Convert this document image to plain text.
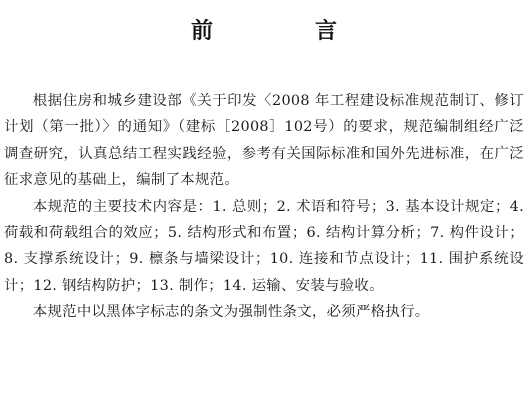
前　言

根据住房和城乡建设部《关于印发〈2008 年工程建设标准规范制订、修订计划（第一批）〉的通知》（建标［2008］102号）的要求，规范编制组经广泛调查研究，认真总结工程实践经验，参考有关国际标准和国外先进标准，在广泛征求意见的基础上，编制了本规范。

本规范的主要技术内容是：1. 总则；2. 术语和符号；3. 基本设计规定；4. 荷载和荷载组合的效应；5. 结构形式和布置；6. 结构计算分析；7. 构件设计；8. 支撑系统设计；9. 檩条与墙梁设计；10. 连接和节点设计；11. 围护系统设计；12. 钢结构防护；13. 制作；14. 运输、安装与验收。

本规范中以黑体字标志的条文为强制性条文，必须严格执行。
